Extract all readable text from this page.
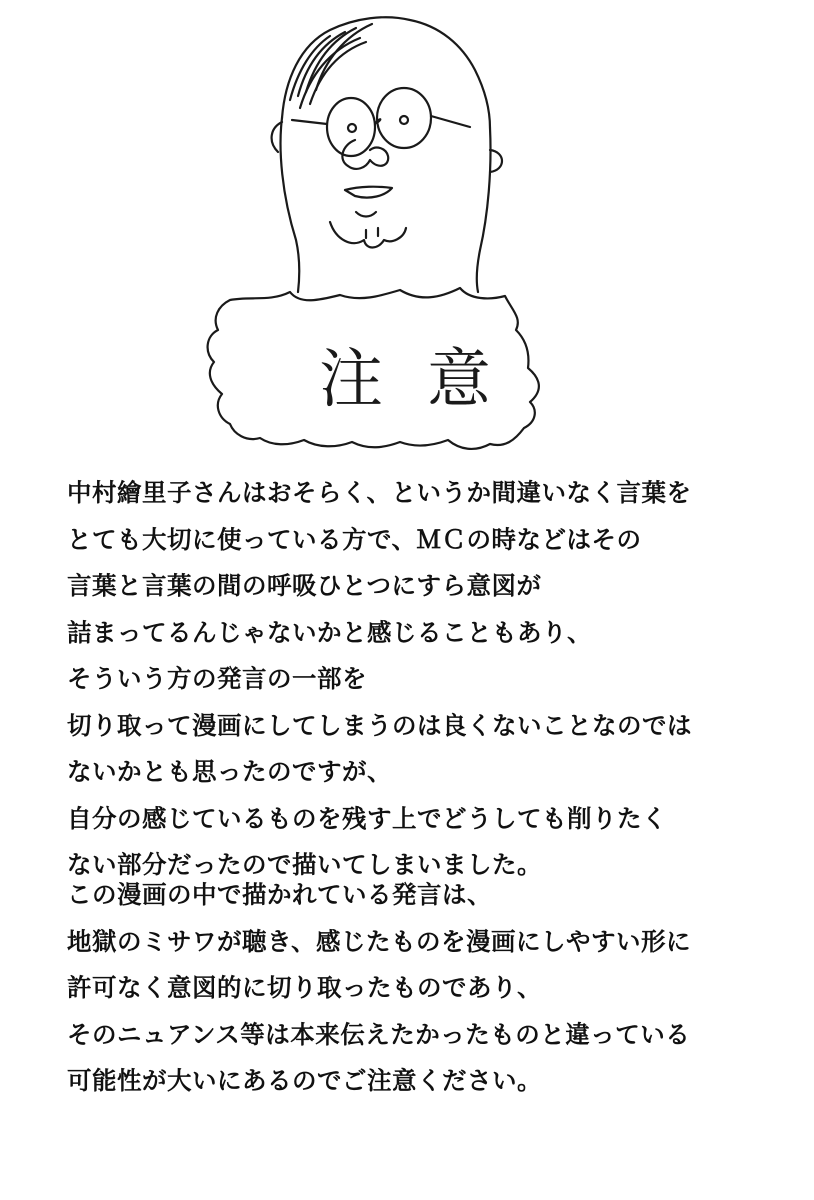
注意
中村繪里子さんはおそらく、というか間違いなく言葉を
とても大切に使っている方で、ＭＣの時などはその
言葉と言葉の間の呼吸ひとつにすら意図が
詰まってるんじゃないかと感じることもあり、
そういう方の発言の一部を
切り取って漫画にしてしまうのは良くないことなのでは
ないかとも思ったのですが、
自分の感じているものを残す上でどうしても削りたく
ない部分だったので描いてしまいました。
この漫画の中で描かれている発言は、
地獄のミサワが聴き、感じたものを漫画にしやすい形に
許可なく意図的に切り取ったものであり、
そのニュアンス等は本来伝えたかったものと違っている
可能性が大いにあるのでご注意ください。
